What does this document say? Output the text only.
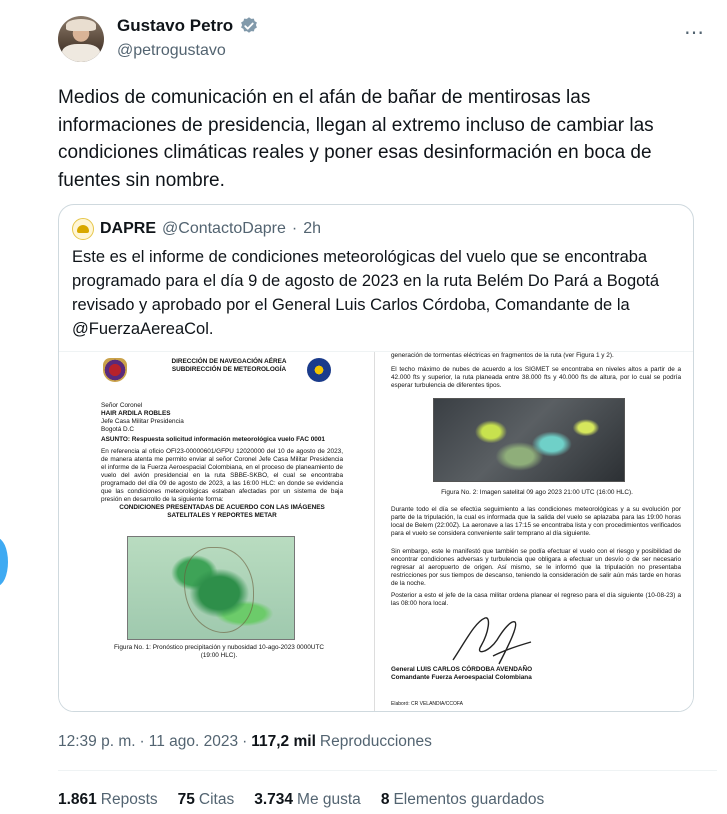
Gustavo Petro
@petrogustavo
⋯
Medios de comunicación en el afán de bañar de mentirosas las informaciones de presidencia, llegan al extremo incluso de cambiar las condiciones climáticas reales y poner esas desinformación en boca de fuentes sin nombre.
DAPRE @ContactoDapre · 2h
Este es el informe de condiciones meteorológicas del vuelo que se encontraba programado para el día 9 de agosto de 2023 en la ruta Belém Do Pará a Bogotá revisado y aprobado por el General Luis Carlos Córdoba, Comandante de la @FuerzaAereaCol.
DIRECCIÓN DE NAVEGACIÓN AÉREA
SUBDIRECCIÓN DE METEOROLOGÍA
Señor Coronel
HAIR ARDILA ROBLES
Jefe Casa Militar Presidencia
Bogotá D.C
ASUNTO: Respuesta solicitud información meteorológica vuelo FAC 0001
En referencia al oficio OFI23-00000601/GFPU 12020000 del 10 de agosto de 2023, de manera atenta me permito enviar al señor Coronel Jefe Casa Militar Presidencia el informe de la Fuerza Aeroespacial Colombiana, en el proceso de planeamiento de vuelo del avión presidencial en la ruta SBBE-SKBO, el cual se encontraba programado del día 09 de agosto de 2023, a las 16:00 HLC: en donde se evidencia que las condiciones meteorológicas estaban afectadas por un sistema de baja presión en desarrollo de la siguiente forma:
CONDICIONES PRESENTADAS DE ACUERDO CON LAS IMÁGENES SATELITALES Y REPORTES METAR
Figura No. 1: Pronóstico precipitación y nubosidad 10-ago-2023 0000UTC (19:00 HLC).
generación de tormentas eléctricas en fragmentos de la ruta (ver Figura 1 y 2).
El techo máximo de nubes de acuerdo a los SIGMET se encontraba en niveles altos a partir de a 42.000 fts y superior, la ruta planeada entre 38.000 fts y 40.000 fts de altura, por lo cual se podría esperar turbulencia de diferentes tipos.
Figura No. 2: Imagen satelital 09 ago 2023 21:00 UTC (16:00 HLC).
Durante todo el día se efectúa seguimiento a las condiciones meteorológicas y a su evolución por parte de la tripulación, la cual es informada que la salida del vuelo se aplazaba para las 19:00 horas local de Belem (22:00Z). La aeronave a las 17:15 se encontraba lista y con procedimientos verificados para el vuelo se considera conveniente salir temprano al día siguiente.
Sin embargo, este le manifestó que también se podía efectuar el vuelo con el riesgo y posibilidad de encontrar condiciones adversas y turbulencia que obligara a efectuar un desvío o de ser necesario regresar al aeropuerto de origen. Así mismo, se le informó que la tripulación no presentaba restricciones por sus tiempos de descanso, teniendo la consideración de salir aún más tarde en horas de la noche.
Posterior a esto el jefe de la casa militar ordena planear el regreso para el día siguiente (10-08-23) a las 08:00 hora local.
General LUIS CARLOS CÓRDOBA AVENDAÑO
Comandante Fuerza Aeroespacial Colombiana
Elaboró: CR VELANDIA/CCOFA
12:39 p. m. · 11 ago. 2023 · 117,2 mil Reproducciones
1.861 Reposts 75 Citas 3.734 Me gusta 8 Elementos guardados
